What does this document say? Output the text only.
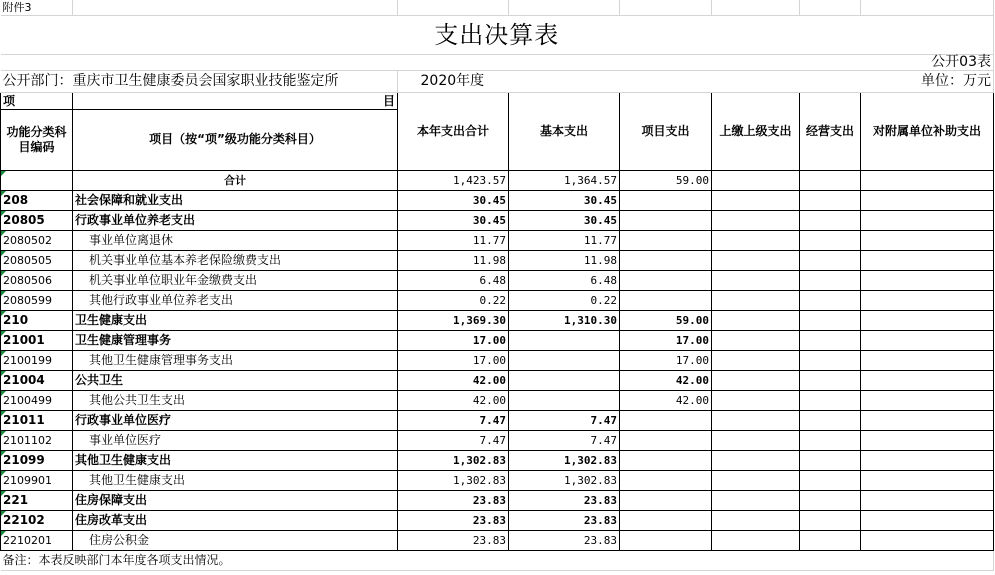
附件3							
支出决算表							
公开03表							
公开部门：重庆市卫生健康委员会国家职业技能鉴定所 2020年度		单位：万元					
项	目	本年支出合计	基本支出	项目支出	上缴上级支出	经营支出	对附属单位补助支出
功能分类科目编码	项目（按“项”级功能分类科目）						
	合计	1,423.57	1,364.57	59.00			
208	社会保障和就业支出	30.45	30.45				
20805	行政事业单位养老支出	30.45	30.45				
2080502	事业单位离退休	11.77	11.77				
2080505	机关事业单位基本养老保险缴费支出	11.98	11.98				
2080506	机关事业单位职业年金缴费支出	6.48	6.48				
2080599	其他行政事业单位养老支出	0.22	0.22				
210	卫生健康支出	1,369.30	1,310.30	59.00			
21001	卫生健康管理事务	17.00		17.00			
2100199	其他卫生健康管理事务支出	17.00		17.00			
21004	公共卫生	42.00		42.00			
2100499	其他公共卫生支出	42.00		42.00			
21011	行政事业单位医疗	7.47	7.47				
2101102	事业单位医疗	7.47	7.47				
21099	其他卫生健康支出	1,302.83	1,302.83				
2109901	其他卫生健康支出	1,302.83	1,302.83				
221	住房保障支出	23.83	23.83				
22102	住房改革支出	23.83	23.83				
2210201	住房公积金	23.83	23.83				
备注：本表反映部门本年度各项支出情况。							
